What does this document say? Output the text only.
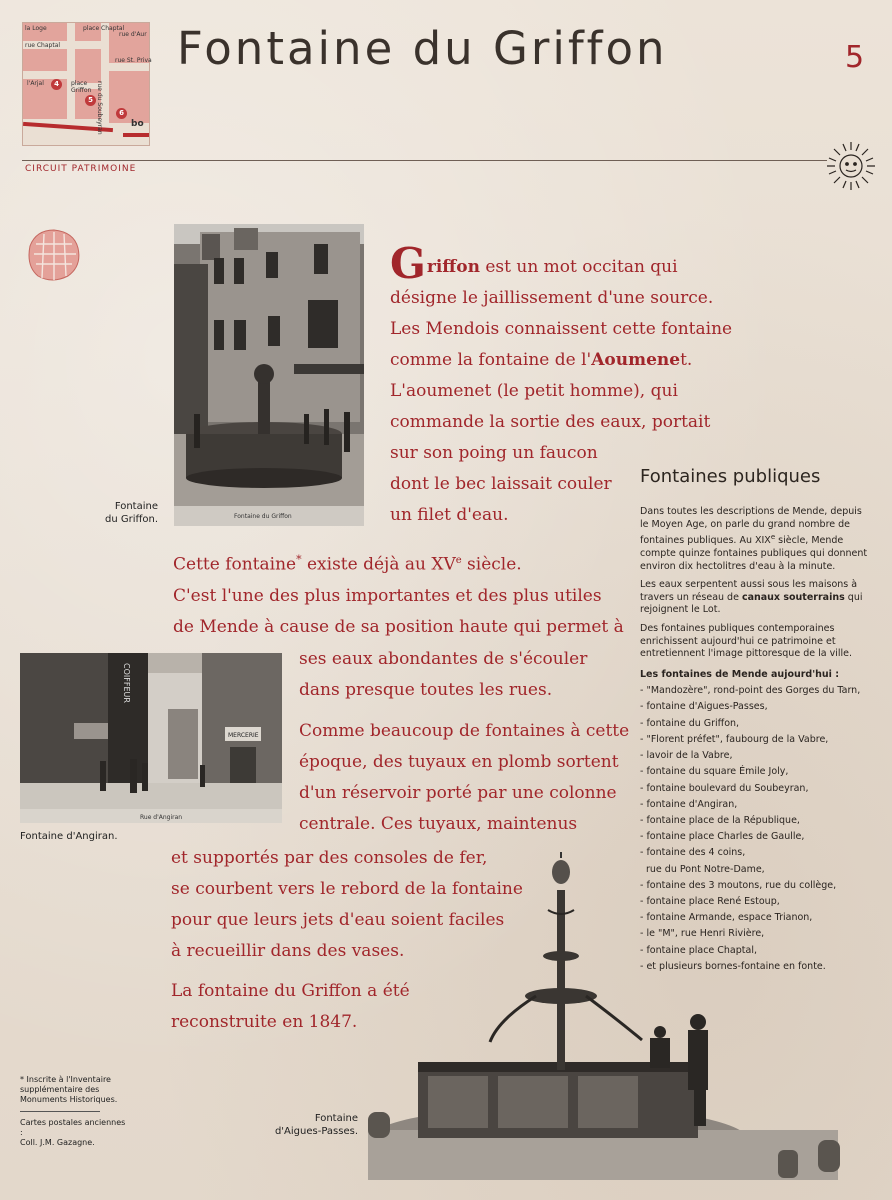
la Loge	place Chaptal
rue Chaptal
rue d'Aur
rue St. Priva
l'Arjal	place Griffon rue du Soubeyran	bo
4
5
6
Fontaine du Griffon	5
CIRCUIT PATRIMOINE
Fontaine du Griffon
Fontaine
du Griffon.
Griffon est un mot occitan qui
désigne le jaillissement d'une source.
Les Mendois connaissent cette fontaine
comme la fontaine de l'Aoumenet.
L'aoumenet (le petit homme), qui
commande la sortie des eaux, portait
sur son poing un faucon
dont le bec laissait couler
un filet d'eau.
Cette fontaine* existe déjà au XVe siècle.
C'est l'une des plus importantes et des plus utiles
de Mende à cause de sa position haute qui permet à
ses eaux abondantes de s'écouler
dans presque toutes les rues.
Comme beaucoup de fontaines à cette
époque, des tuyaux en plomb sortent
d'un réservoir porté par une colonne
centrale. Ces tuyaux, maintenus
et supportés par des consoles de fer,
se courbent vers le rebord de la fontaine
pour que leurs jets d'eau soient faciles
à recueillir dans des vases.
La fontaine du Griffon a été
reconstruite en 1847.
MERCERIE
COIFFEUR
Rue d'Angiran
Fontaine d'Angiran.
Fontaines publiques

Dans toutes les descriptions de Mende, depuis le Moyen Age, on parle du grand nombre de fontaines publiques. Au XIXe siècle, Mende compte quinze fontaines publiques qui donnent environ dix hectolitres d'eau à la minute.

Les eaux serpentent aussi sous les maisons à travers un réseau de canaux souterrains qui rejoignent le Lot.

Des fontaines publiques contemporaines enrichissent aujourd'hui ce patrimoine et entretiennent l'image pittoresque de la ville.

Les fontaines de Mende aujourd'hui :

- "Mandozère", rond-point des Gorges du Tarn,
- fontaine d'Aigues-Passes,
- fontaine du Griffon,
- "Florent préfet", faubourg de la Vabre,
- lavoir de la Vabre,
- fontaine du square Émile Joly,
- fontaine boulevard du Soubeyran,
- fontaine d'Angiran,
- fontaine place de la République,
- fontaine place Charles de Gaulle,
- fontaine des 4 coins,
rue du Pont Notre-Dame,
- fontaine des 3 moutons, rue du collège,
- fontaine place René Estoup,
- fontaine Armande, espace Trianon,
- le "M", rue Henri Rivière,
- fontaine place Chaptal,
- et plusieurs bornes-fontaine en fonte.
Fontaine
d'Aigues-Passes.
* Inscrite à l'Inventaire supplémentaire des Monuments Historiques.
Cartes postales anciennes :
Coll. J.M. Gazagne.
